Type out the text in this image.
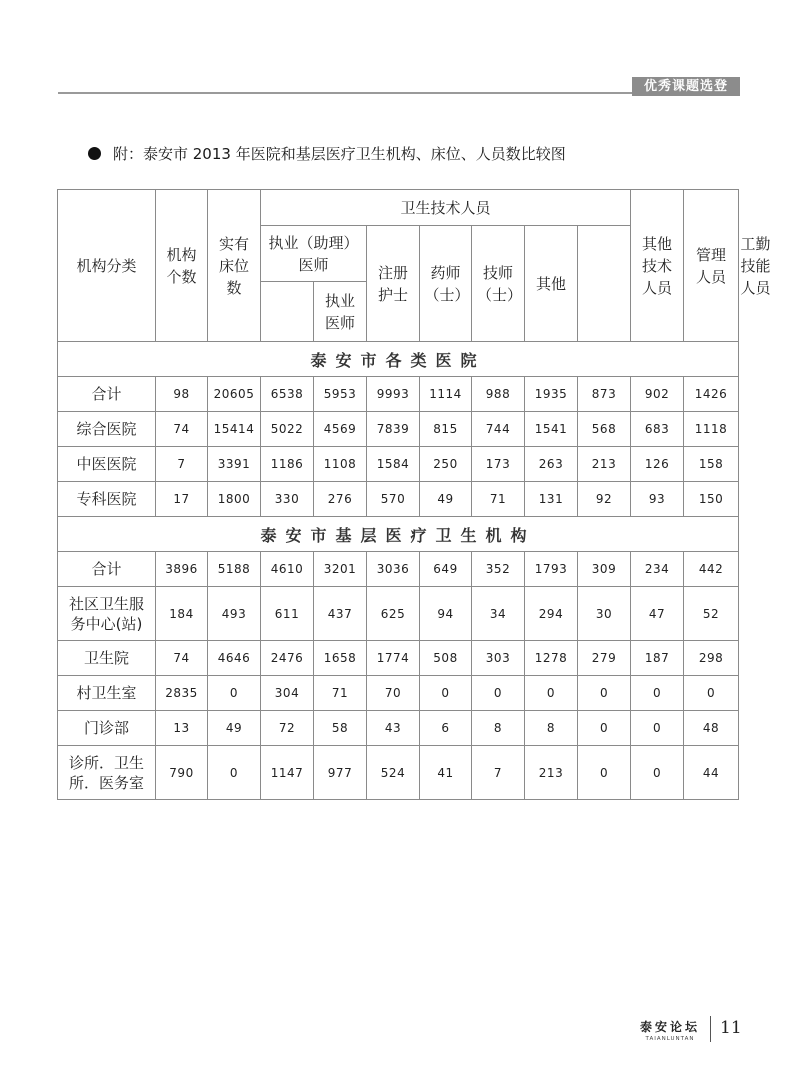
优秀课题选登
附：泰安市 2013 年医院和基层医疗卫生机构、床位、人员数比较图
机构分类	机构个数	实有床位数	卫生技术人员							其他技术人员	管理人员	工勤技能人员

			执业（助理）医师		注册护士	药师（士）	技师（士）	其他				

				执业医师								

泰安市各类医院												

合计	98	20605	6538	5953	9993	1114	988	1935	873	902	1426	

综合医院	74	15414	5022	4569	7839	815	744	1541	568	683	1118	

中医医院	7	3391	1186	1108	1584	250	173	263	213	126	158	

专科医院	17	1800	330	276	570	49	71	131	92	93	150	
泰安市基层医疗卫生机构												

合计	3896	5188	4610	3201	3036	649	352	1793	309	234	442	

社区卫生服务中心(站)	184	493	611	437	625	94	34	294	30	47	52	

卫生院	74	4646	2476	1658	1774	508	303	1278	279	187	298	

村卫生室	2835	0	304	71	70	0	0	0	0	0	0	

门诊部	13	49	72	58	43	6	8	8	0	0	48	

诊所．卫生所．医务室	790	0	1147	977	524	41	7	213	0	0	44	
泰安论坛
TAIANLUNTAN
11
